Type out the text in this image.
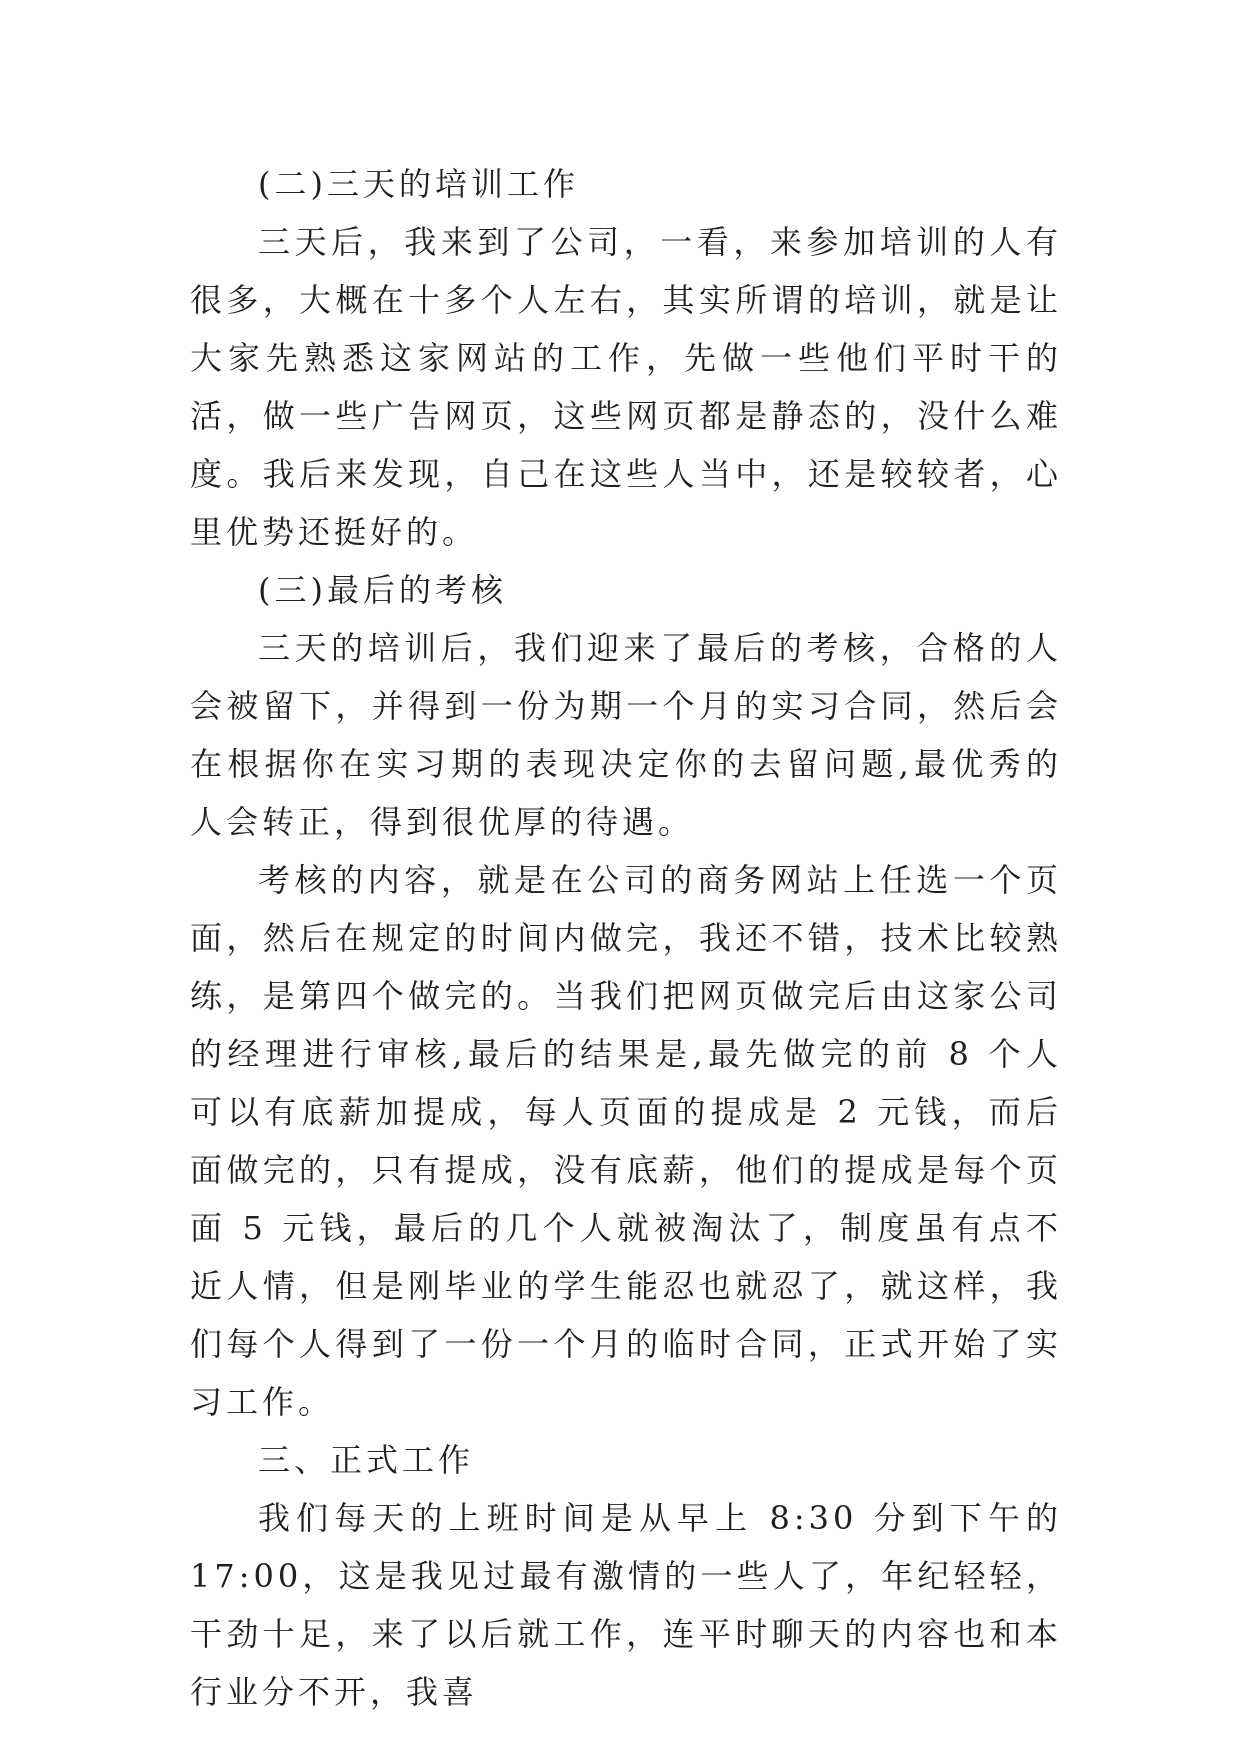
(二)三天的培训工作

三天后，我来到了公司，一看，来参加培训的人有很多，大概在十多个人左右，其实所谓的培训，就是让大家先熟悉这家网站的工作，先做一些他们平时干的活，做一些广告网页，这些网页都是静态的，没什么难度。我后来发现，自己在这些人当中，还是较较者，心里优势还挺好的。

(三)最后的考核

三天的培训后，我们迎来了最后的考核，合格的人会被留下，并得到一份为期一个月的实习合同，然后会在根据你在实习期的表现决定你的去留问题,最优秀的人会转正，得到很优厚的待遇。

考核的内容，就是在公司的商务网站上任选一个页面，然后在规定的时间内做完，我还不错，技术比较熟练，是第四个做完的。当我们把网页做完后由这家公司的经理进行审核,最后的结果是,最先做完的前 8 个人可以有底薪加提成，每人页面的提成是 2 元钱，而后面做完的，只有提成，没有底薪，他们的提成是每个页面 5 元钱，最后的几个人就被淘汰了，制度虽有点不近人情，但是刚毕业的学生能忍也就忍了，就这样，我们每个人得到了一份一个月的临时合同，正式开始了实习工作。

三、正式工作

我们每天的上班时间是从早上 8:30 分到下午的 17:00，这是我见过最有激情的一些人了，年纪轻轻，干劲十足，来了以后就工作，连平时聊天的内容也和本行业分不开，我喜
